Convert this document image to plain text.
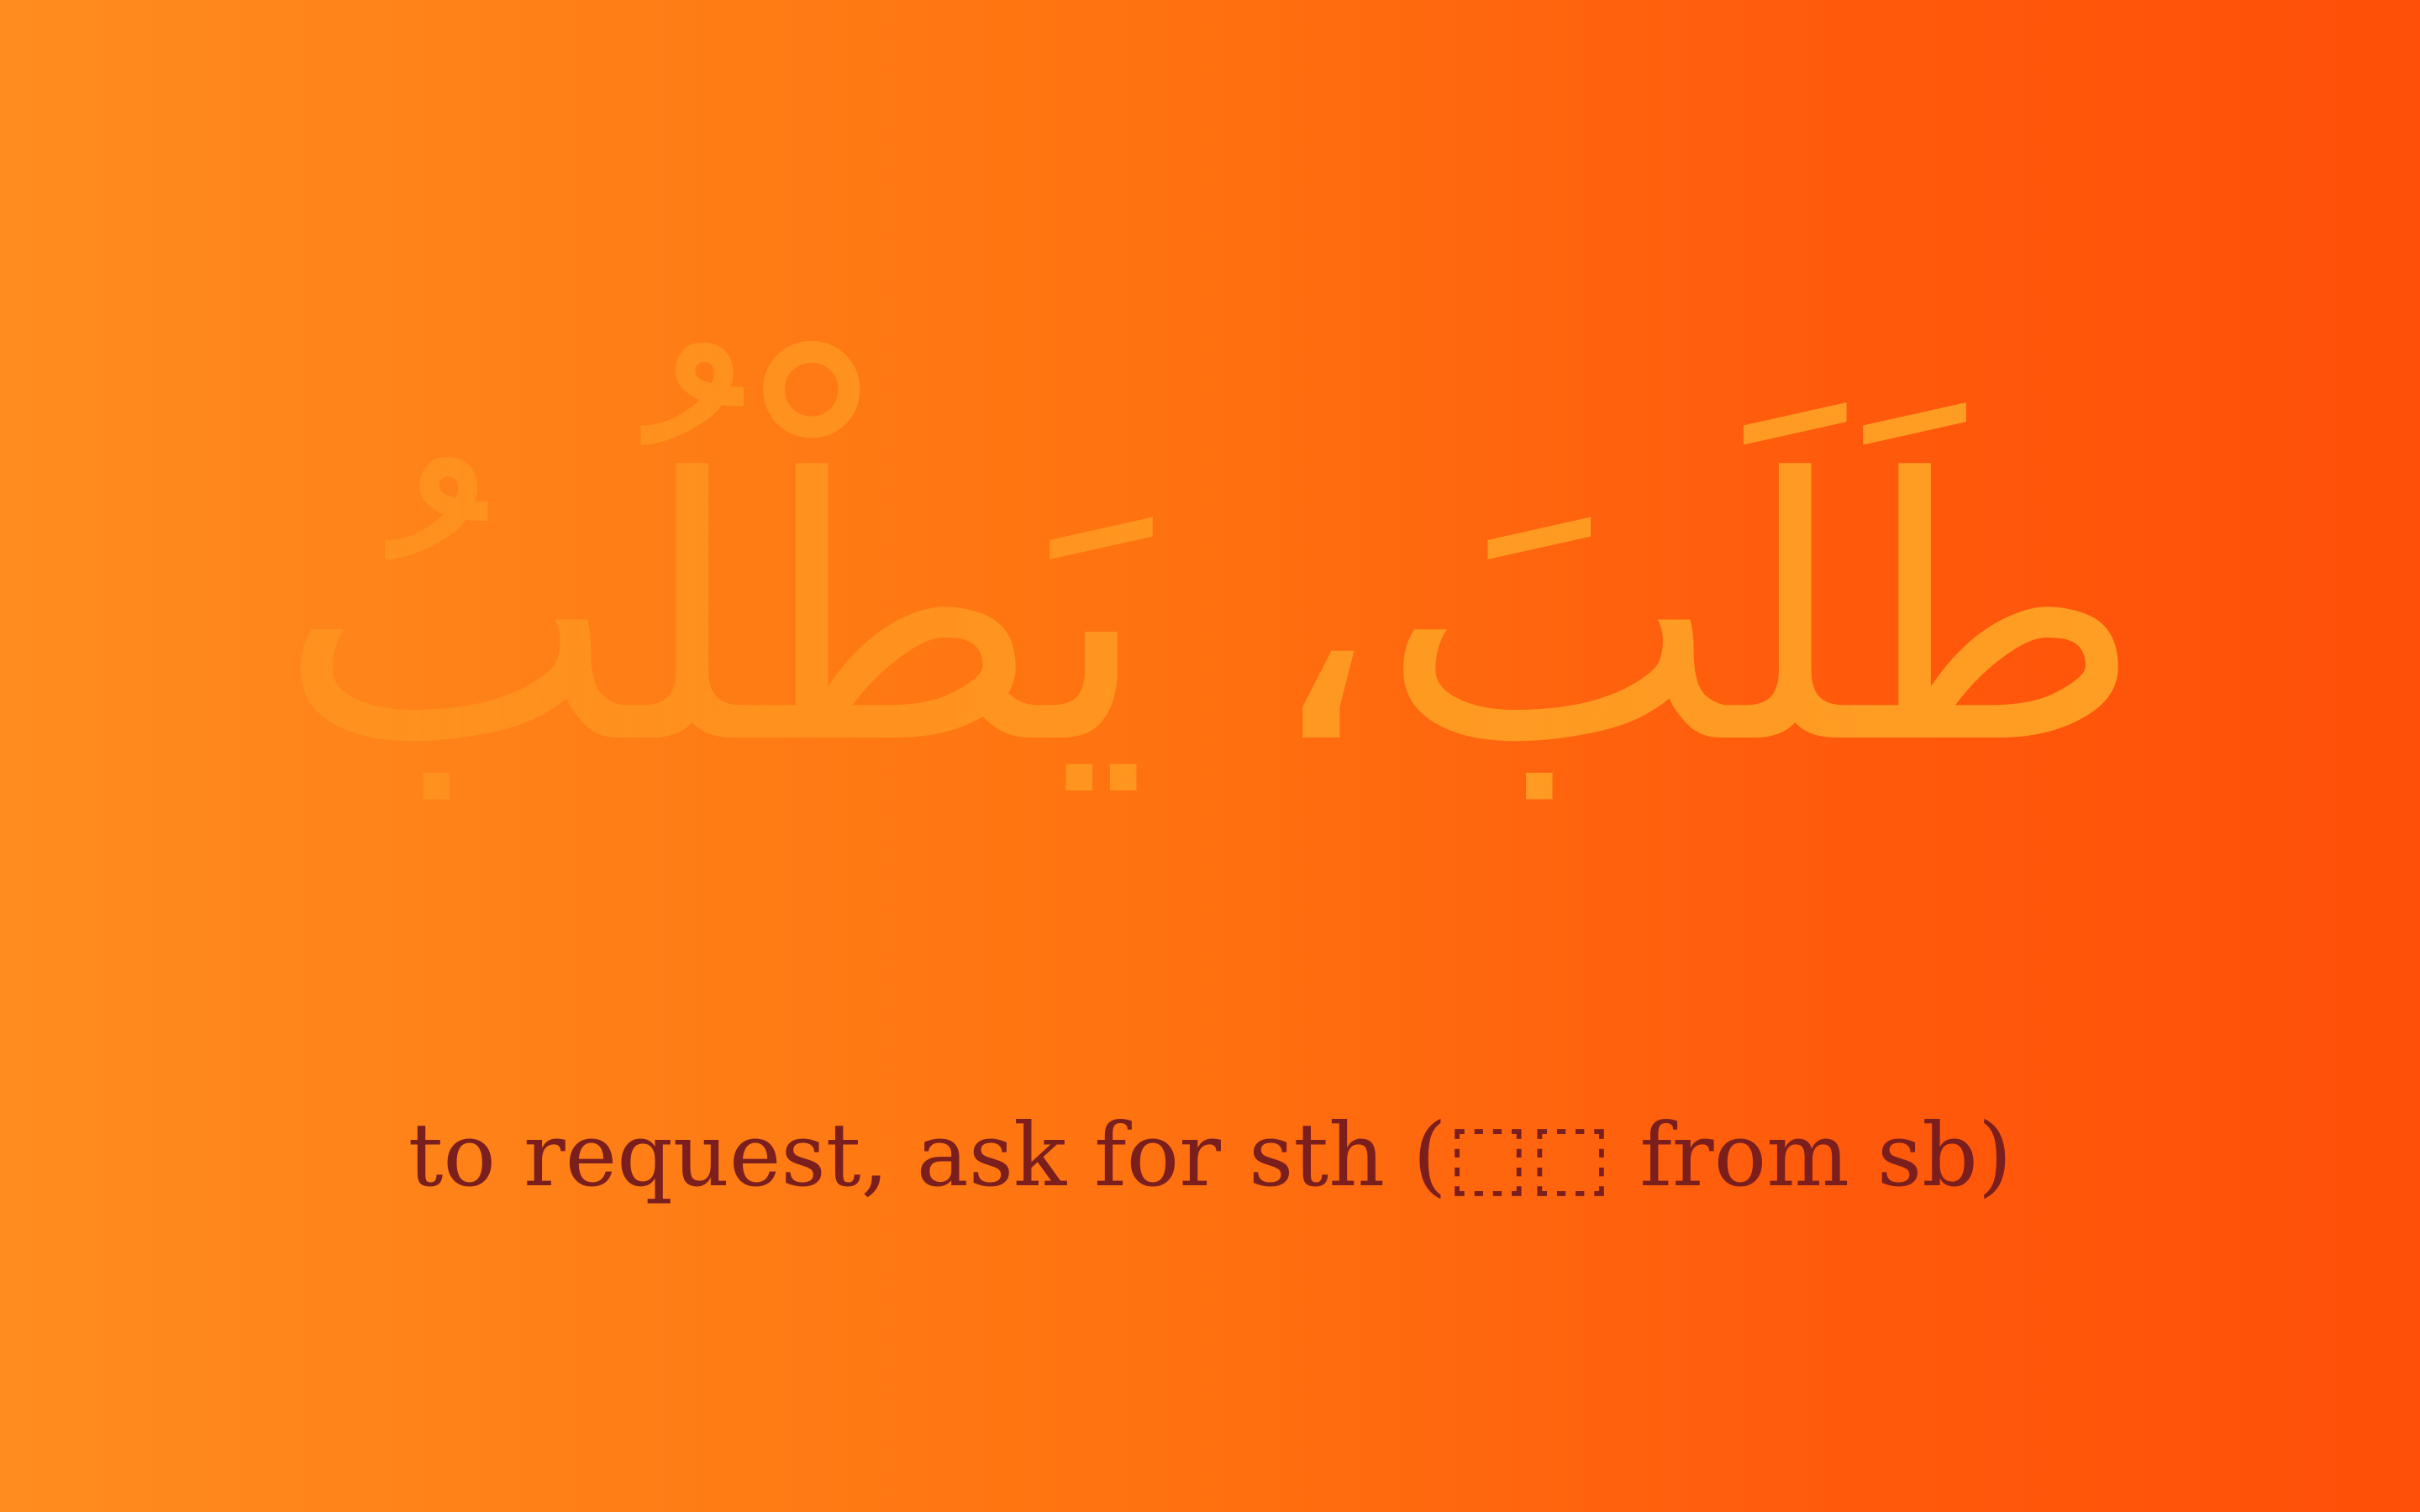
طَلَبَ، يَطْلُبُ
to request, ask for sth (⬚⬚ from sb)
